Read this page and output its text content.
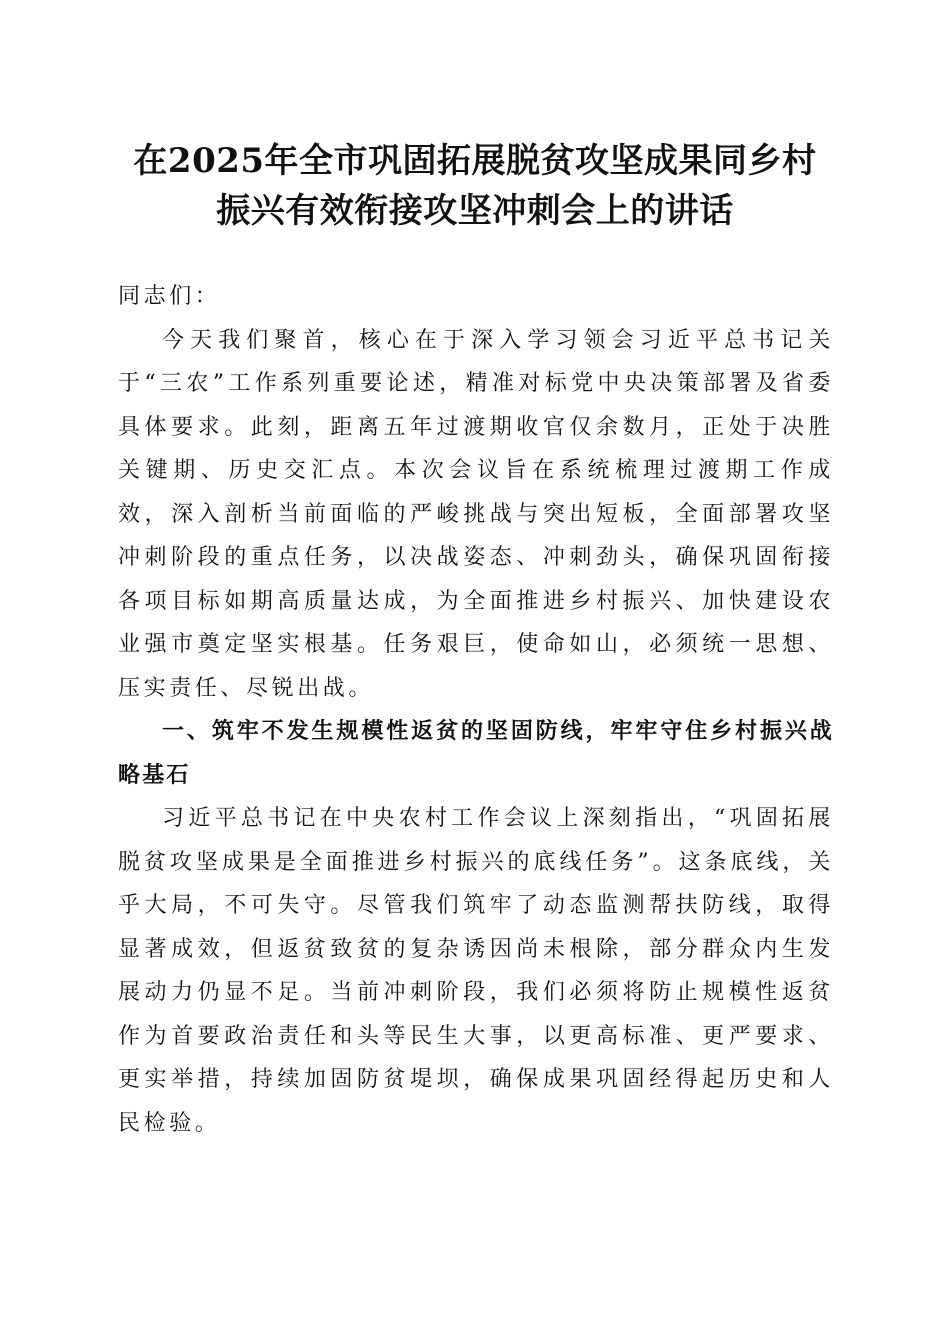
在2025年全市巩固拓展脱贫攻坚成果同乡村
振兴有效衔接攻坚冲刺会上的讲话

同志们：

今天我们聚首，核心在于深入学习领会习近平总书记关于“三农”工作系列重要论述，精准对标党中央决策部署及省委具体要求。此刻，距离五年过渡期收官仅余数月，正处于决胜关键期、历史交汇点。本次会议旨在系统梳理过渡期工作成效，深入剖析当前面临的严峻挑战与突出短板，全面部署攻坚冲刺阶段的重点任务，以决战姿态、冲刺劲头，确保巩固衔接各项目标如期高质量达成，为全面推进乡村振兴、加快建设农业强市奠定坚实根基。任务艰巨，使命如山，必须统一思想、压实责任、尽锐出战。

一、筑牢不发生规模性返贫的坚固防线，牢牢守住乡村振兴战略基石

习近平总书记在中央农村工作会议上深刻指出，“巩固拓展脱贫攻坚成果是全面推进乡村振兴的底线任务”。这条底线，关乎大局，不可失守。尽管我们筑牢了动态监测帮扶防线，取得显著成效，但返贫致贫的复杂诱因尚未根除，部分群众内生发展动力仍显不足。当前冲刺阶段，我们必须将防止规模性返贫作为首要政治责任和头等民生大事，以更高标准、更严要求、更实举措，持续加固防贫堤坝，确保成果巩固经得起历史和人民检验。
